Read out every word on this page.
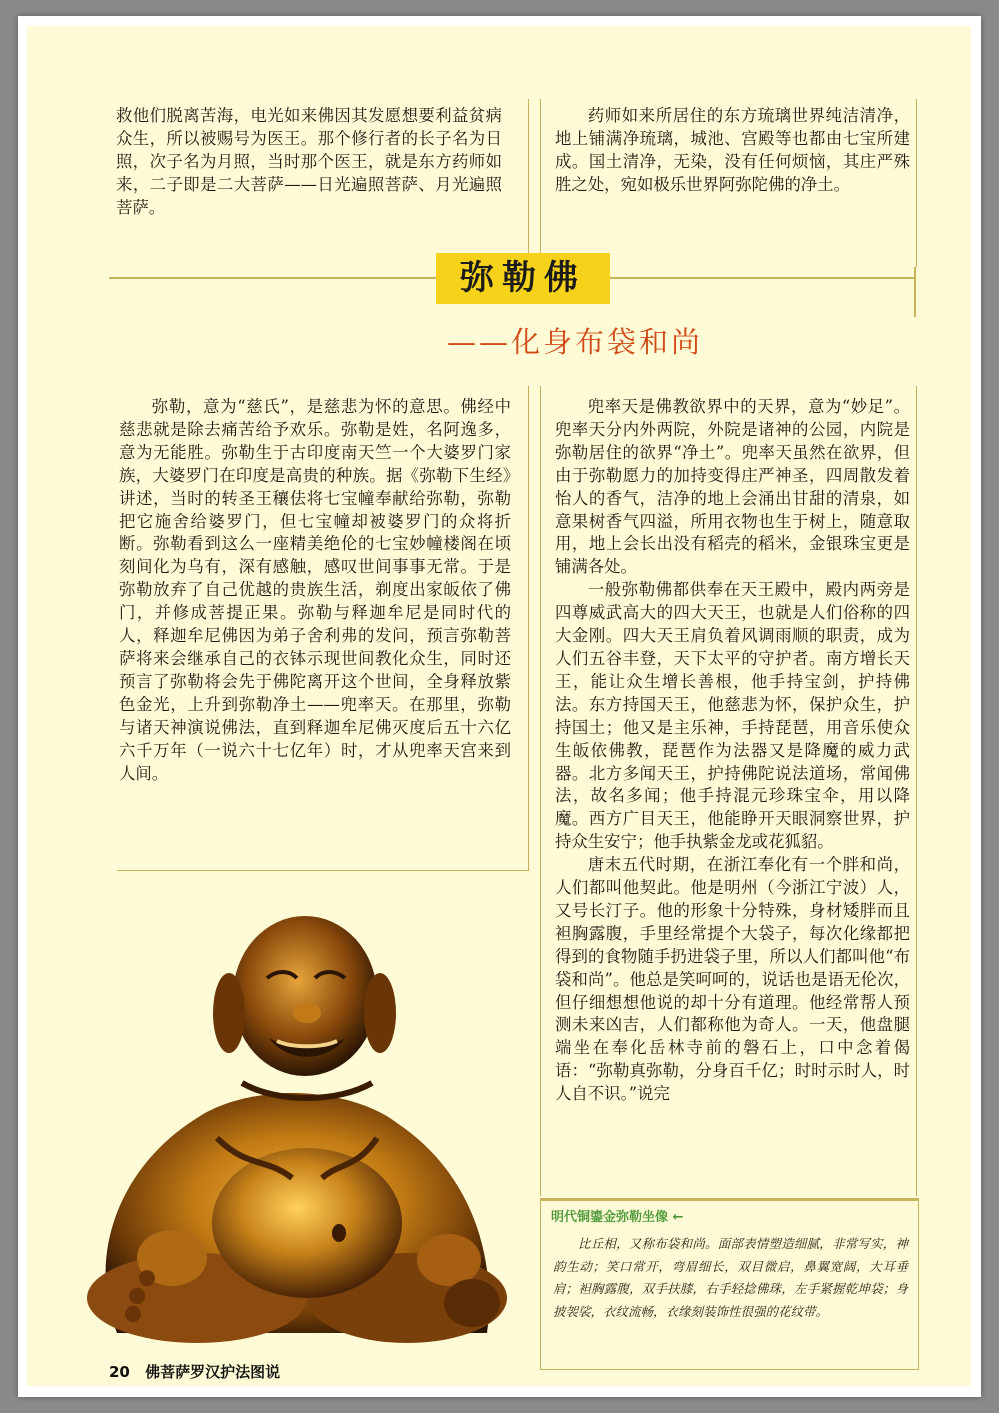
救他们脱离苦海，电光如来佛因其发愿想要利益贫病众生，所以被赐号为医王。那个修行者的长子名为日照，次子名为月照，当时那个医王，就是东方药师如来，二子即是二大菩萨——日光遍照菩萨、月光遍照菩萨。

药师如来所居住的东方琉璃世界纯洁清净，地上铺满净琉璃，城池、宫殿等也都由七宝所建成。国土清净，无染，没有任何烦恼，其庄严殊胜之处，宛如极乐世界阿弥陀佛的净土。

弥勒佛
——化身布袋和尚

弥勒，意为“慈氏”，是慈悲为怀的意思。佛经中慈悲就是除去痛苦给予欢乐。弥勒是姓，名阿逸多，意为无能胜。弥勒生于古印度南天竺一个大婆罗门家族，大婆罗门在印度是高贵的种族。据《弥勒下生经》讲述，当时的转圣王穰佉将七宝幢奉献给弥勒，弥勒把它施舍给婆罗门，但七宝幢却被婆罗门的众将折断。弥勒看到这么一座精美绝伦的七宝妙幢楼阁在顷刻间化为乌有，深有感触，感叹世间事事无常。于是弥勒放弃了自己优越的贵族生活，剃度出家皈依了佛门，并修成菩提正果。弥勒与释迦牟尼是同时代的人，释迦牟尼佛因为弟子舍利弗的发问，预言弥勒菩萨将来会继承自己的衣钵示现世间教化众生，同时还预言了弥勒将会先于佛陀离开这个世间，全身释放紫色金光，上升到弥勒净土——兜率天。在那里，弥勒与诸天神演说佛法，直到释迦牟尼佛灭度后五十六亿六千万年（一说六十七亿年）时，才从兜率天宫来到人间。

兜率天是佛教欲界中的天界，意为“妙足”。兜率天分内外两院，外院是诸神的公园，内院是弥勒居住的欲界“净土”。兜率天虽然在欲界，但由于弥勒愿力的加持变得庄严神圣，四周散发着怡人的香气，洁净的地上会涌出甘甜的清泉，如意果树香气四溢，所用衣物也生于树上，随意取用，地上会长出没有稻壳的稻米，金银珠宝更是铺满各处。

一般弥勒佛都供奉在天王殿中，殿内两旁是四尊威武高大的四大天王，也就是人们俗称的四大金刚。四大天王肩负着风调雨顺的职责，成为人们五谷丰登，天下太平的守护者。南方增长天王，能让众生增长善根，他手持宝剑，护持佛法。东方持国天王，他慈悲为怀，保护众生，护持国土；他又是主乐神，手持琵琶，用音乐使众生皈依佛教，琵琶作为法器又是降魔的威力武器。北方多闻天王，护持佛陀说法道场，常闻佛法，故名多闻；他手持混元珍珠宝伞，用以降魔。西方广目天王，他能睁开天眼洞察世界，护持众生安宁；他手执紫金龙或花狐貂。

唐末五代时期，在浙江奉化有一个胖和尚，人们都叫他契此。他是明州（今浙江宁波）人，又号长汀子。他的形象十分特殊，身材矮胖而且袒胸露腹，手里经常提个大袋子，每次化缘都把得到的食物随手扔进袋子里，所以人们都叫他“布袋和尚”。他总是笑呵呵的，说话也是语无伦次，但仔细想想他说的却十分有道理。他经常帮人预测未来凶吉，人们都称他为奇人。一天，他盘腿端坐在奉化岳林寺前的磐石上，口中念着偈语：“弥勒真弥勒，分身百千亿；时时示时人，时人自不识。”说完

明代铜鎏金弥勒坐像 ←

比丘相，又称布袋和尚。面部表情塑造细腻，非常写实，神韵生动；笑口常开，弯眉细长，双目微启，鼻翼宽阔，大耳垂肩；袒胸露腹，双手扶膝，右手轻捻佛珠，左手紧握乾坤袋；身披袈裟，衣纹流畅，衣缘刻装饰性很强的花纹带。

20 佛菩萨罗汉护法图说
